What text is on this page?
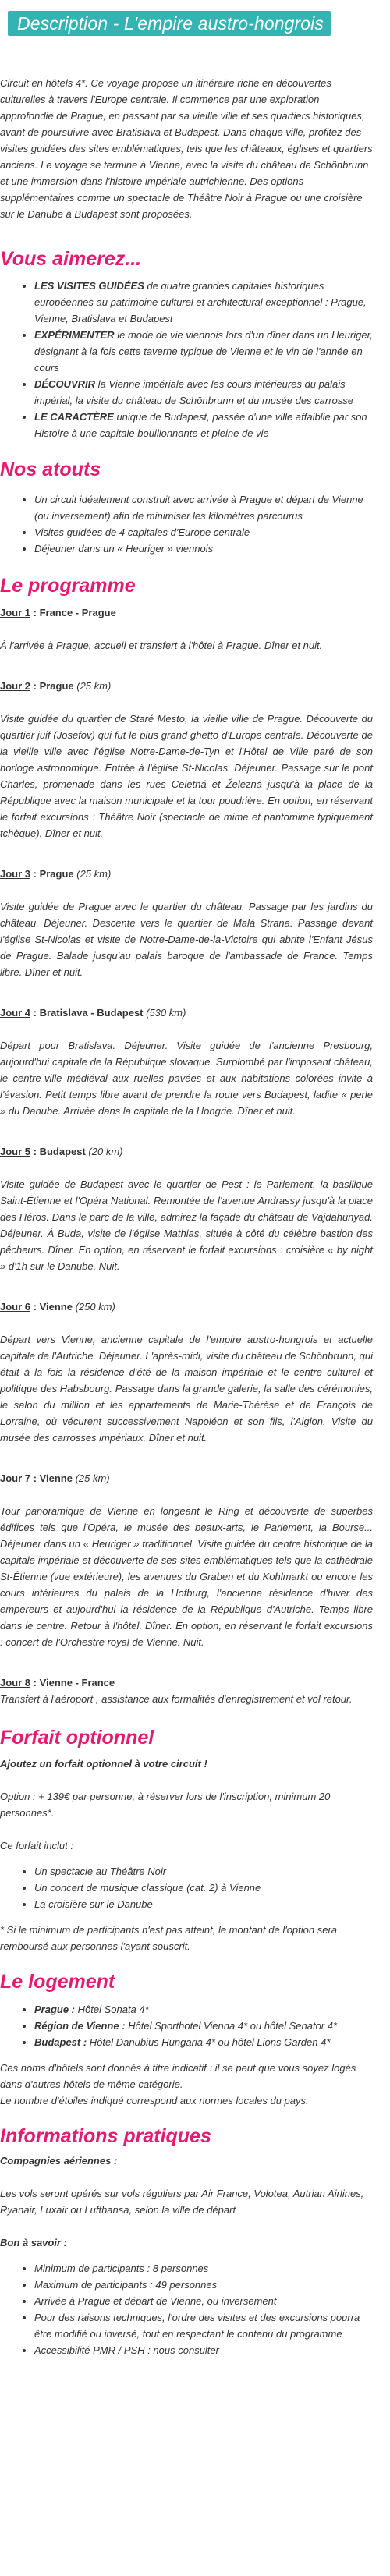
Description - L'empire austro-hongrois

Circuit en hôtels 4*. Ce voyage propose un itinéraire riche en découvertes culturelles à travers l'Europe centrale. Il commence par une exploration approfondie de Prague, en passant par sa vieille ville et ses quartiers historiques, avant de poursuivre avec Bratislava et Budapest. Dans chaque ville, profitez des visites guidées des sites emblématiques, tels que les châteaux, églises et quartiers anciens. Le voyage se termine à Vienne, avec la visite du château de Schönbrunn et une immersion dans l'histoire impériale autrichienne. Des options supplémentaires comme un spectacle de Théâtre Noir à Prague ou une croisière sur le Danube à Budapest sont proposées.

Vous aimerez...
• LES VISITES GUIDÉES de quatre grandes capitales historiques européennes au patrimoine culturel et architectural exceptionnel : Prague, Vienne, Bratislava et Budapest
• EXPÉRIMENTER le mode de vie viennois lors d'un dîner dans un Heuriger, désignant à la fois cette taverne typique de Vienne et le vin de l'année en cours
• DÉCOUVRIR la Vienne impériale avec les cours intérieures du palais impérial, la visite du château de Schönbrunn et du musée des carrosse
• LE CARACTÈRE unique de Budapest, passée d'une ville affaiblie par son Histoire à une capitale bouillonnante et pleine de vie
Nos atouts
• Un circuit idéalement construit avec arrivée à Prague et départ de Vienne (ou inversement) afin de minimiser les kilomètres parcourus
• Visites guidées de 4 capitales d'Europe centrale
• Déjeuner dans un « Heuriger » viennois
Le programme

Jour 1 : France - Prague

À l'arrivée à Prague, accueil et transfert à l'hôtel à Prague. Dîner et nuit.

Jour 2 : Prague (25 km)

Visite guidée du quartier de Staré Mesto, la vieille ville de Prague. Découverte du quartier juif (Josefov) qui fut le plus grand ghetto d'Europe centrale. Découverte de la vieille ville avec l'église Notre-Dame-de-Tyn et l'Hôtel de Ville paré de son horloge astronomique. Entrée à l'église St-Nicolas. Déjeuner. Passage sur le pont Charles, promenade dans les rues Celetná et Železná jusqu'à la place de la République avec la maison municipale et la tour poudrière. En option, en réservant le forfait excursions : Théâtre Noir (spectacle de mime et pantomime typiquement tchèque). Dîner et nuit.

Jour 3 : Prague (25 km)

Visite guidée de Prague avec le quartier du château. Passage par les jardins du château. Déjeuner. Descente vers le quartier de Malá Strana. Passage devant l'église St-Nicolas et visite de Notre-Dame-de-la-Victoire qui abrite l'Enfant Jésus de Prague. Balade jusqu'au palais baroque de l'ambassade de France. Temps libre. Dîner et nuit.

Jour 4 : Bratislava - Budapest (530 km)

Départ pour Bratislava. Déjeuner. Visite guidée de l'ancienne Presbourg, aujourd'hui capitale de la République slovaque. Surplombé par l'imposant château, le centre-ville médiéval aux ruelles pavées et aux habitations colorées invite à l'évasion. Petit temps libre avant de prendre la route vers Budapest, ladite « perle » du Danube. Arrivée dans la capitale de la Hongrie. Dîner et nuit.

Jour 5 : Budapest (20 km)

Visite guidée de Budapest avec le quartier de Pest : le Parlement, la basilique Saint-Étienne et l'Opéra National. Remontée de l'avenue Andrassy jusqu'à la place des Héros. Dans le parc de la ville, admirez la façade du château de Vajdahunyad. Déjeuner. À Buda, visite de l'église Mathias, située à côté du célèbre bastion des pêcheurs. Dîner. En option, en réservant le forfait excursions : croisière « by night » d'1h sur le Danube. Nuit.

Jour 6 : Vienne (250 km)

Départ vers Vienne, ancienne capitale de l'empire austro-hongrois et actuelle capitale de l'Autriche. Déjeuner. L'après-midi, visite du château de Schönbrunn, qui était à la fois la résidence d'été de la maison impériale et le centre culturel et politique des Habsbourg. Passage dans la grande galerie, la salle des cérémonies, le salon du million et les appartements de Marie-Thérèse et de François de Lorraine, où vécurent successivement Napoléon et son fils, l'Aiglon. Visite du musée des carrosses impériaux. Dîner et nuit.

Jour 7 : Vienne (25 km)

Tour panoramique de Vienne en longeant le Ring et découverte de superbes édifices tels que l'Opéra, le musée des beaux-arts, le Parlement, la Bourse... Déjeuner dans un « Heuriger » traditionnel. Visite guidée du centre historique de la capitale impériale et découverte de ses sites emblématiques tels que la cathédrale St-Étienne (vue extérieure), les avenues du Graben et du Kohlmarkt ou encore les cours intérieures du palais de la Hofburg, l'ancienne résidence d'hiver des empereurs et aujourd'hui la résidence de la République d'Autriche. Temps libre dans le centre. Retour à l'hôtel. Dîner. En option, en réservant le forfait excursions : concert de l'Orchestre royal de Vienne. Nuit.

Jour 8 : Vienne - France

Transfert à l'aéroport , assistance aux formalités d'enregistrement et vol retour.

Forfait optionnel

Ajoutez un forfait optionnel à votre circuit !

Option : + 139€ par personne, à réserver lors de l'inscription, minimum 20 personnes*.

Ce forfait inclut :

• Un spectacle au Théâtre Noir
• Un concert de musique classique (cat. 2) à Vienne
• La croisière sur le Danube

* Si le minimum de participants n'est pas atteint, le montant de l'option sera remboursé aux personnes l'ayant souscrit.

Le logement
• Prague : Hôtel Sonata 4*
• Région de Vienne : Hôtel Sporthotel Vienna 4* ou hôtel Senator 4*
• Budapest : Hôtel Danubius Hungaria 4* ou hôtel Lions Garden 4*

Ces noms d'hôtels sont donnés à titre indicatif : il se peut que vous soyez logés dans d'autres hôtels de même catégorie.

Le nombre d'étoiles indiqué correspond aux normes locales du pays.

Informations pratiques

Compagnies aériennes :

Les vols seront opérés sur vols réguliers par Air France, Volotea, Autrian Airlines, Ryanair, Luxair ou Lufthansa, selon la ville de départ

Bon à savoir :

• Minimum de participants : 8 personnes
• Maximum de participants : 49 personnes
• Arrivée à Prague et départ de Vienne, ou inversement
• Pour des raisons techniques, l'ordre des visites et des excursions pourra être modifié ou inversé, tout en respectant le contenu du programme
• Accessibilité PMR / PSH : nous consulter
